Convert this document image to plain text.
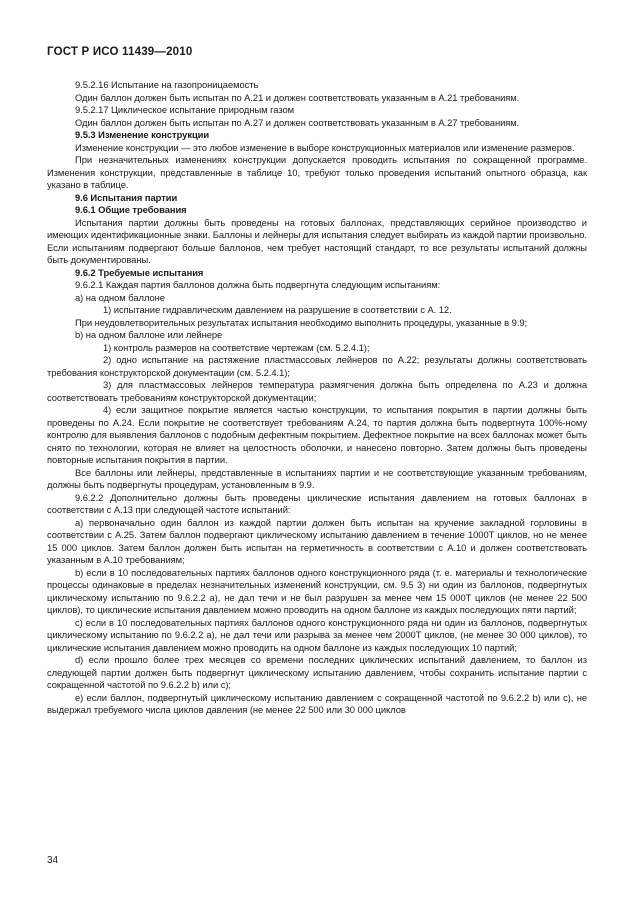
ГОСТ Р ИСО 11439—2010

9.5.2.16 Испытание на газопроницаемость

Один баллон должен быть испытан по А.21 и должен соответствовать указанным в А.21 требованиям.

9.5.2.17 Циклическое испытание природным газом

Один баллон должен быть испытан по А.27 и должен соответствовать указанным в А.27 требованиям.

9.5.3 Изменение конструкции

Изменение конструкции — это любое изменение в выборе конструкционных материалов или изменение размеров.

При незначительных изменениях конструкции допускается проводить испытания по сокращенной программе. Изменения конструкции, представленные в таблице 10, требуют только проведения испытаний опытного образца, как указано в таблице.

9.6 Испытания партии

9.6.1 Общие требования

Испытания партии должны быть проведены на готовых баллонах, представляющих серийное производство и имеющих идентификационные знаки. Баллоны и лейнеры для испытания следует выбирать из каждой партии произвольно. Если испытаниям подвергают больше баллонов, чем требует настоящий стандарт, то все результаты испытаний должны быть документированы.

9.6.2 Требуемые испытания

9.6.2.1 Каждая партия баллонов должна быть подвергнута следующим испытаниям:

а) на одном баллоне

1) испытание гидравлическим давлением на разрушение в соответствии с А. 12.

При неудовлетворительных результатах испытания необходимо выполнить процедуры, указанные в 9.9;

b) на одном баллоне или лейнере

1) контроль размеров на соответствие чертежам (см. 5.2.4.1);

2) одно испытание на растяжение пластмассовых лейнеров по А.22; результаты должны соответствовать требования конструкторской документации (см. 5.2.4.1);

3) для пластмассовых лейнеров температура размягчения должна быть определена по А.23 и должна соответствовать требованиям конструкторской документации;

4) если защитное покрытие является частью конструкции, то испытания покрытия в партии должны быть проведены по А.24. Если покрытие не соответствует требованиям А.24, то партия должна быть подвергнута 100%-ному контролю для выявления баллонов с подобным дефектным покрытием. Дефектное покрытие на всех баллонах может быть снято по технологии, которая не влияет на целостность оболочки, и нанесено повторно. Затем должны быть проведены повторные испытания покрытия в партии.

Все баллоны или лейнеры, представленные в испытаниях партии и не соответствующие указанным требованиям, должны быть подвергнуты процедурам, установленным в 9.9.

9.6.2.2 Дополнительно должны быть проведены циклические испытания давлением на готовых баллонах в соответствии с А.13 при следующей частоте испытаний:

а) первоначально один баллон из каждой партии должен быть испытан на кручение закладной горловины в соответствии с А.25. Затем баллон подвергают циклическому испытанию давлением в течение 1000T циклов, но не менее 15 000 циклов. Затем баллон должен быть испытан на герметичность в соответствии с А.10 и должен соответствовать указанным в А.10 требованиям;

b) если в 10 последовательных партиях баллонов одного конструкционного ряда (т. е. материалы и технологические процессы одинаковые в пределах незначительных изменений конструкции, см. 9.5 3) ни один из баллонов, подвергнутых циклическому испытанию по 9.6.2.2 а), не дал течи и не был разрушен за менее чем 15 000T циклов (не менее 22 500 циклов), то циклические испытания давлением можно проводить на одном баллоне из каждых последующих пяти партий;

с) если в 10 последовательных партиях баллонов одного конструкционного ряда ни один из баллонов, подвергнутых циклическому испытанию по 9.6.2.2 а), не дал течи или разрыва за менее чем 2000T циклов, (не менее 30 000 циклов), то циклические испытания давлением можно проводить на одном баллоне из каждых последующих 10 партий;

d) если прошло более трех месяцев со времени последних циклических испытаний давлением, то баллон из следующей партии должен быть подвергнут циклическому испытанию давлением, чтобы сохранить испытание партии с сокращенной частотой по 9.6.2.2 b) или с);

е) если баллон, подвергнутый циклическому испытанию давлением с сокращенной частотой по 9.6.2.2 b) или с), не выдержал требуемого числа циклов давления (не менее 22 500 или 30 000 циклов

34
